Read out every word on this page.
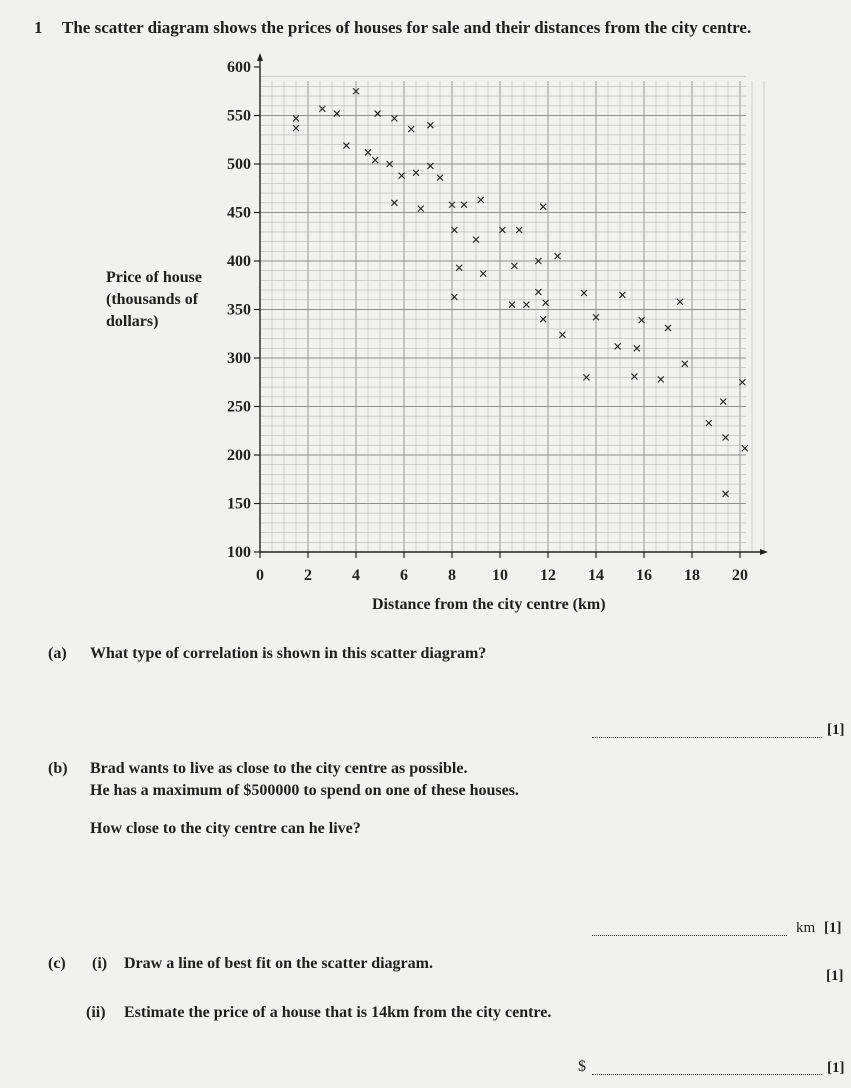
1 The scatter diagram shows the prices of houses for sale and their distances from the city centre.
Price of house
(thousands of
dollars)
0	2	4	6	8 10 12 14 16 18 20
100
150
200
250
300
350
400
450
500
550
600
Distance from the city centre (km)
(a) What type of correlation is shown in this scatter diagram?
[1]
(b) Brad wants to live as close to the city centre as possible.
He has a maximum of $500000 to spend on one of these houses.
How close to the city centre can he live?
km [1]
(c) (i) Draw a line of best fit on the scatter diagram.
[1]
(ii) Estimate the price of a house that is 14km from the city centre.
$	[1]
